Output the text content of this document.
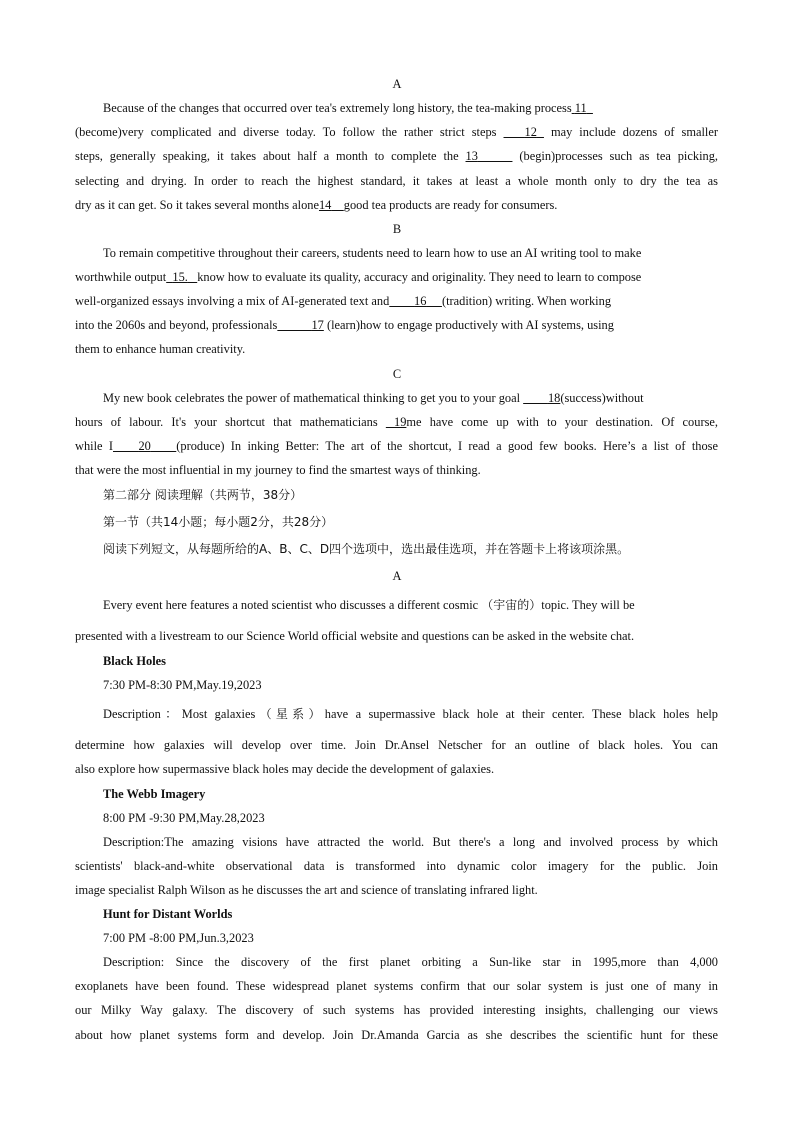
A
Because of the changes that occurred over tea's extremely long history, the tea-making process 11
(become)very complicated and diverse today. To follow the rather strict steps 12 may include dozens of smaller
steps, generally speaking, it takes about half a month to complete the 13	(begin)processes such as tea picking,
selecting and drying. In order to reach the highest standard, it takes at least a whole month only to dry the tea as
dry as it can get. So it takes several months alone14 good tea products are ready for consumers.
B
To remain competitive throughout their careers, students need to learn how to use an AI writing tool to make
worthwhile output 15. know how to evaluate its quality, accuracy and originality. They need to learn to compose
well-organized essays involving a mix of AI-generated text and 16 (tradition) writing. When working
into the 2060s and beyond, professionals	17 (learn)how to engage productively with AI systems, using
them to enhance human creativity.
C
My new book celebrates the power of mathematical thinking to get you to your goal 18(success)without
hours of labour. It's your shortcut that mathematicians 19me have come up with to your destination. Of course,
while I 20 (produce) In inking Better: The art of the shortcut, I read a good few books. Here’s a list of those
that were the most influential in my journey to find the smartest ways of thinking.
第二部分 阅读理解（共两节，38分）
第一节（共14小题；每小题2分，共28分）
阅读下列短文，从每题所给的A、B、C、D四个选项中，选出最佳选项，并在答题卡上将该项涂黑。
A
Every event here features a noted scientist who discusses a different cosmic （宇宙的）topic. They will be
presented with a livestream to our Science World official website and questions can be asked in the website chat.
Black Holes
7:30 PM-8:30 PM,May.19,2023
Description：Most galaxies（星系）have a supermassive black hole at their center. These black holes help
determine how galaxies will develop over time. Join Dr.Ansel Netscher for an outline of black holes. You can
also explore how supermassive black holes may decide the development of galaxies.
The Webb Imagery
8:00 PM -9:30 PM,May.28,2023
Description:The amazing visions have attracted the world. But there's a long and involved process by which
scientists' black-and-white observational data is transformed into dynamic color imagery for the public. Join
image specialist Ralph Wilson as he discusses the art and science of translating infrared light.
Hunt for Distant Worlds
7:00 PM -8:00 PM,Jun.3,2023
Description: Since the discovery of the first planet orbiting a Sun-like star in 1995,more than 4,000
exoplanets have been found. These widespread planet systems confirm that our solar system is just one of many in
our Milky Way galaxy. The discovery of such systems has provided interesting insights, challenging our views
about how planet systems form and develop. Join Dr.Amanda Garcia as she describes the scientific hunt for these
